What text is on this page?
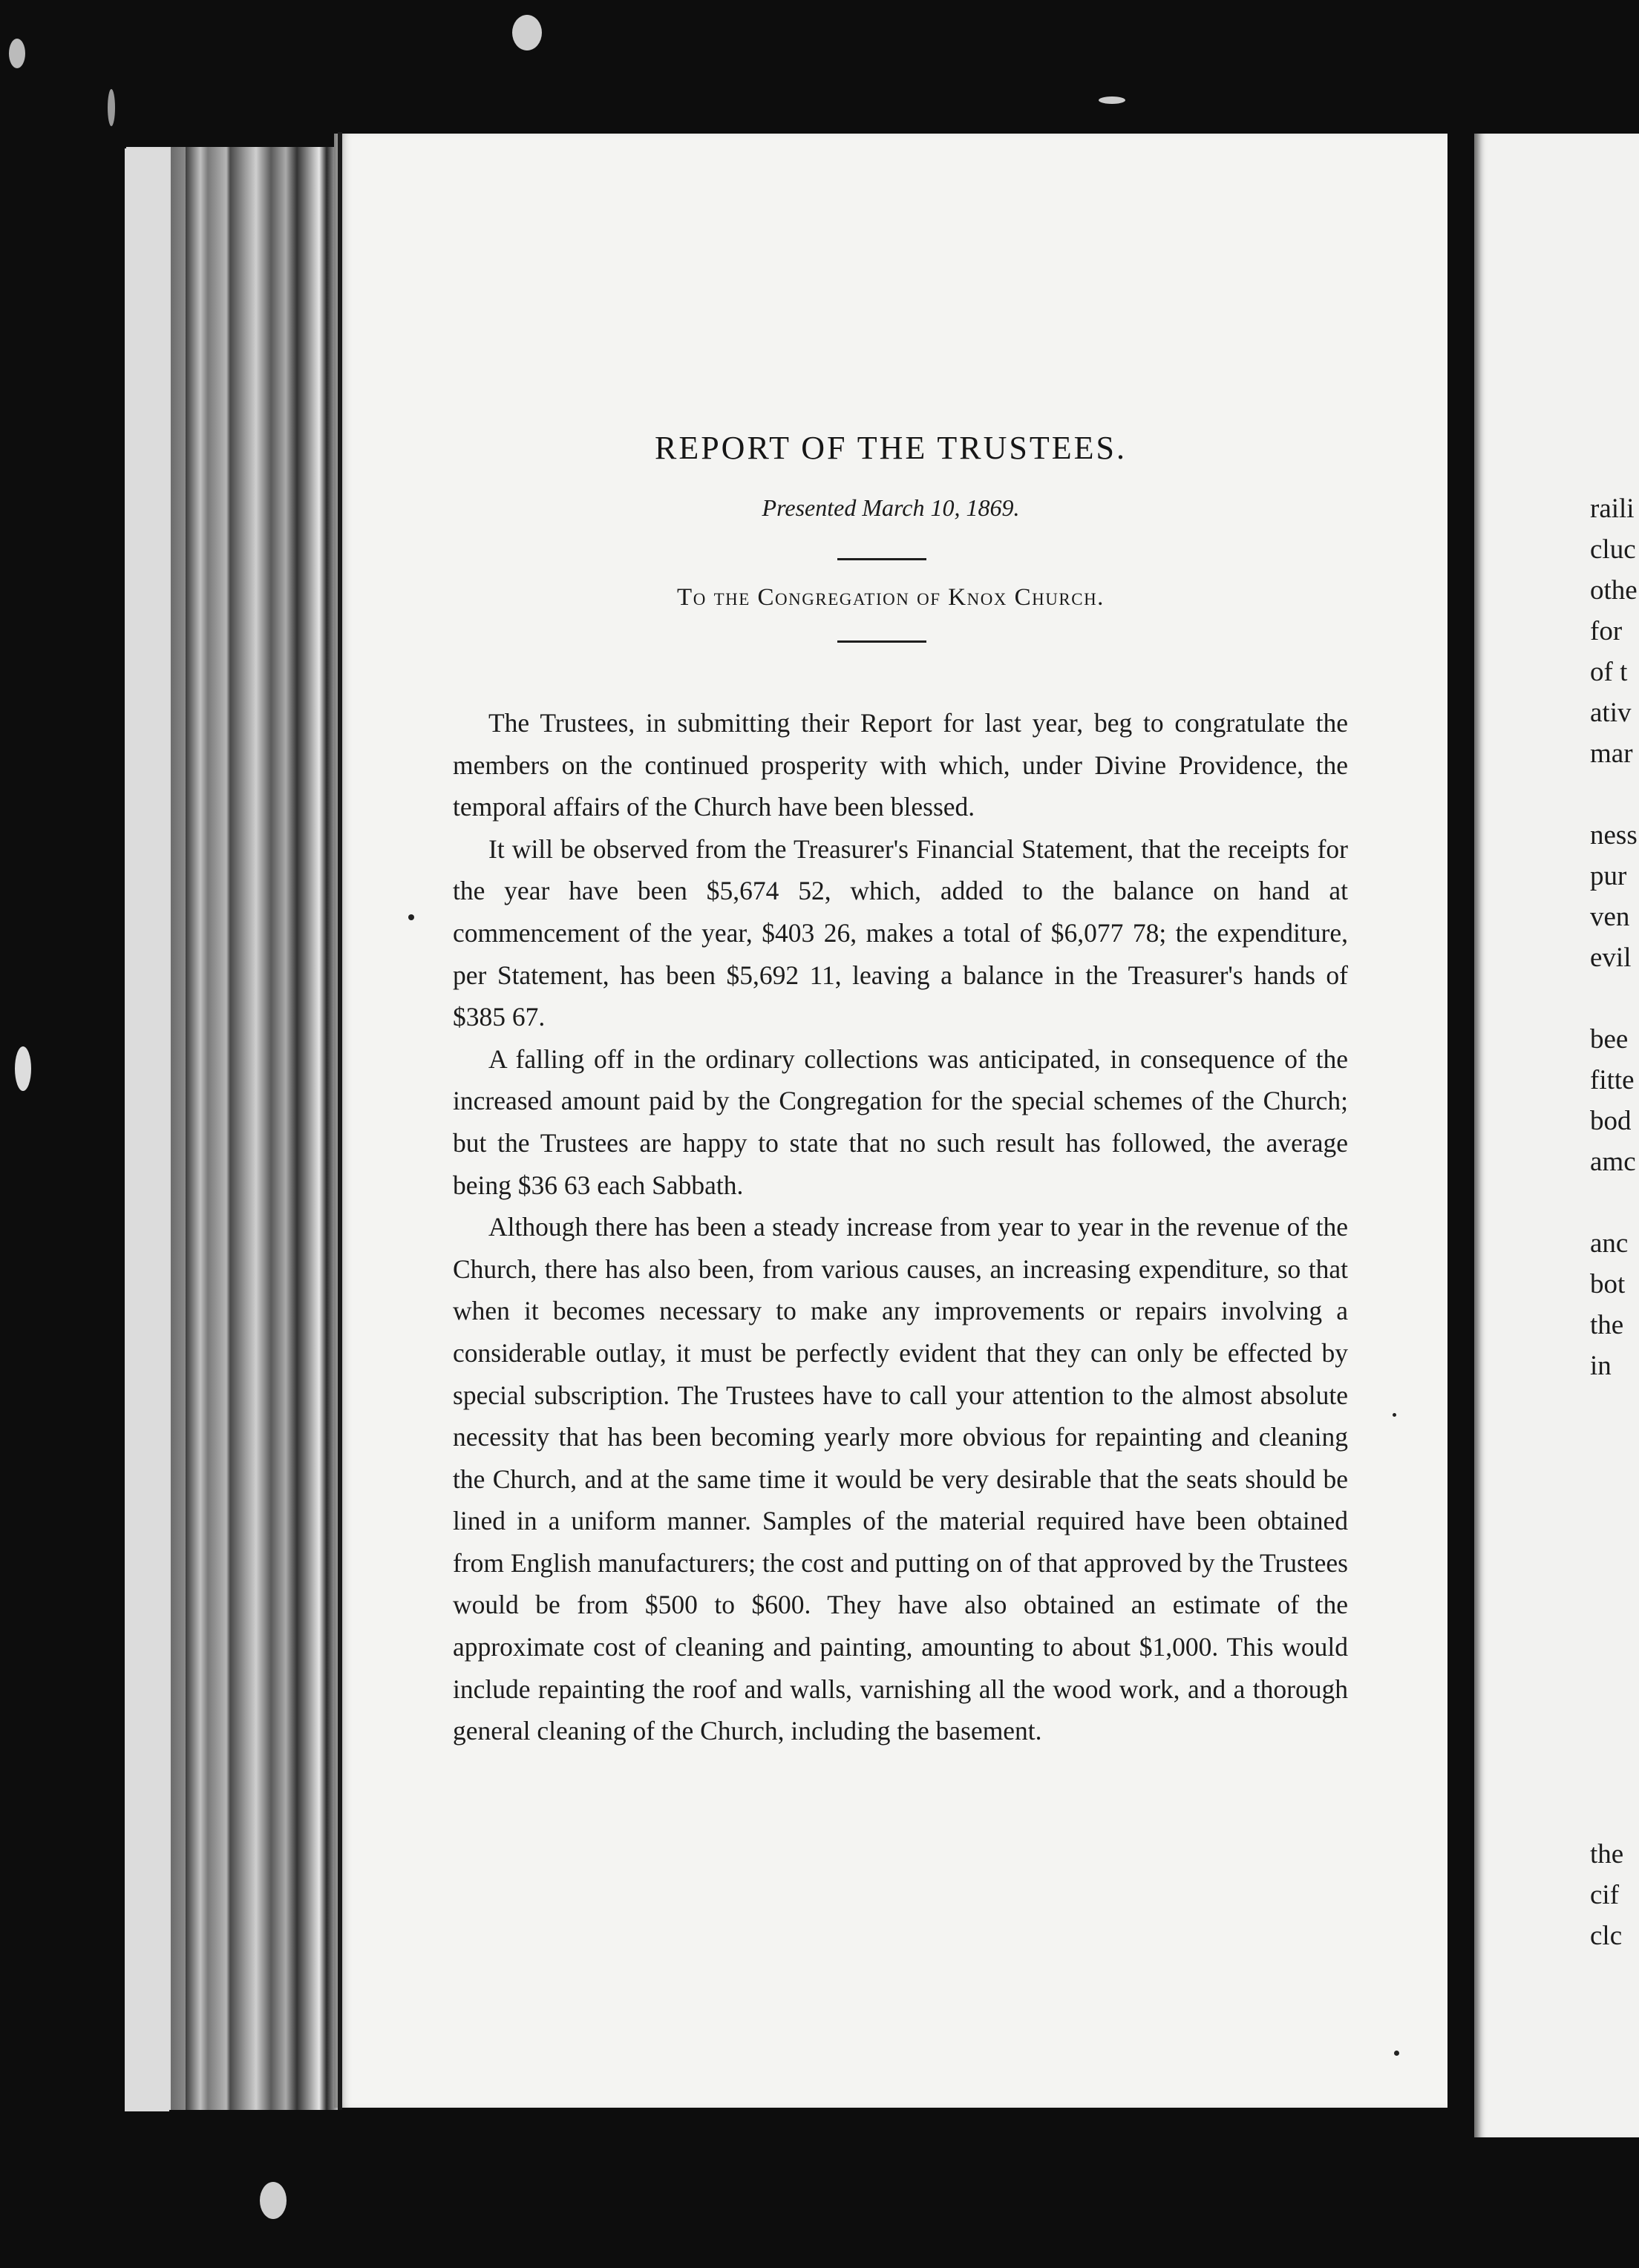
raili
cluc
othe
for
of t
ativ
mar
ness
pur
ven
evil
bee
fitte
bod
amc
anc
bot
the
in
the
cif
clc
REPORT OF THE TRUSTEES.
Presented March 10, 1869.
To the Congregation of Knox Church.

The Trustees, in submitting their Report for last year, beg to congratulate the members on the continued prosperity with which, under Divine Providence, the temporal affairs of the Church have been blessed.

It will be observed from the Treasurer's Financial Statement, that the receipts for the year have been $5,674 52, which, added to the balance on hand at commencement of the year, $403 26, makes a total of $6,077 78; the expenditure, per Statement, has been $5,692 11, leaving a balance in the Treasurer's hands of $385 67.

A falling off in the ordinary collections was anticipated, in consequence of the increased amount paid by the Congregation for the special schemes of the Church; but the Trustees are happy to state that no such result has followed, the average being $36 63 each Sabbath.

Although there has been a steady increase from year to year in the revenue of the Church, there has also been, from various causes, an increasing expenditure, so that when it becomes necessary to make any improvements or repairs involving a considerable outlay, it must be perfectly evident that they can only be effected by special subscription. The Trustees have to call your attention to the almost absolute necessity that has been becoming yearly more obvious for repainting and cleaning the Church, and at the same time it would be very desirable that the seats should be lined in a uniform manner. Samples of the material required have been obtained from English manufacturers; the cost and putting on of that approved by the Trustees would be from $500 to $600. They have also obtained an estimate of the approximate cost of cleaning and painting, amounting to about $1,000. This would include repainting the roof and walls, varnishing all the wood work, and a thorough general cleaning of the Church, including the basement.
